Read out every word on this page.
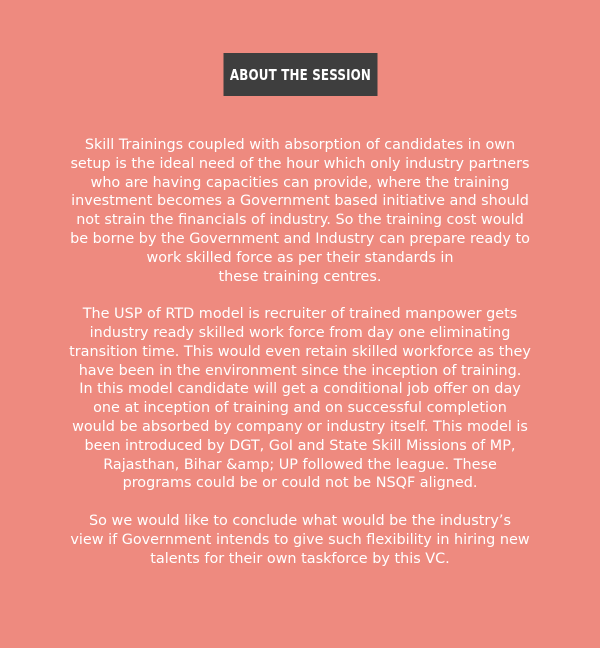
ABOUT THE SESSION

Skill Trainings coupled with absorption of candidates in own
setup is the ideal need of the hour which only industry partners
who are having capacities can provide, where the training
investment becomes a Government based initiative and should
not strain the financials of industry. So the training cost would
be borne by the Government and Industry can prepare ready to
work skilled force as per their standards in
these training centres.

The USP of RTD model is recruiter of trained manpower gets
industry ready skilled work force from day one eliminating
transition time. This would even retain skilled workforce as they
have been in the environment since the inception of training.
In this model candidate will get a conditional job offer on day
one at inception of training and on successful completion
would be absorbed by company or industry itself. This model is
been introduced by DGT, GoI and State Skill Missions of MP,
Rajasthan, Bihar &amp; UP followed the league. These
programs could be or could not be NSQF aligned.

So we would like to conclude what would be the industry’s
view if Government intends to give such flexibility in hiring new
talents for their own taskforce by this VC.
